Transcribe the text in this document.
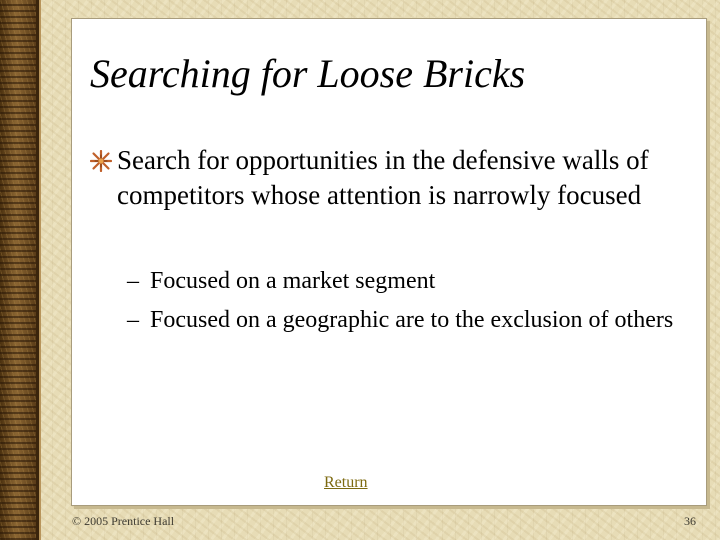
Searching for Loose Bricks

Search for opportunities in the defensive walls of competitors whose attention is narrowly focused

– Focused on a market segment
– Focused on a geographic are to the exclusion of others
Return
© 2005 Prentice Hall	36
